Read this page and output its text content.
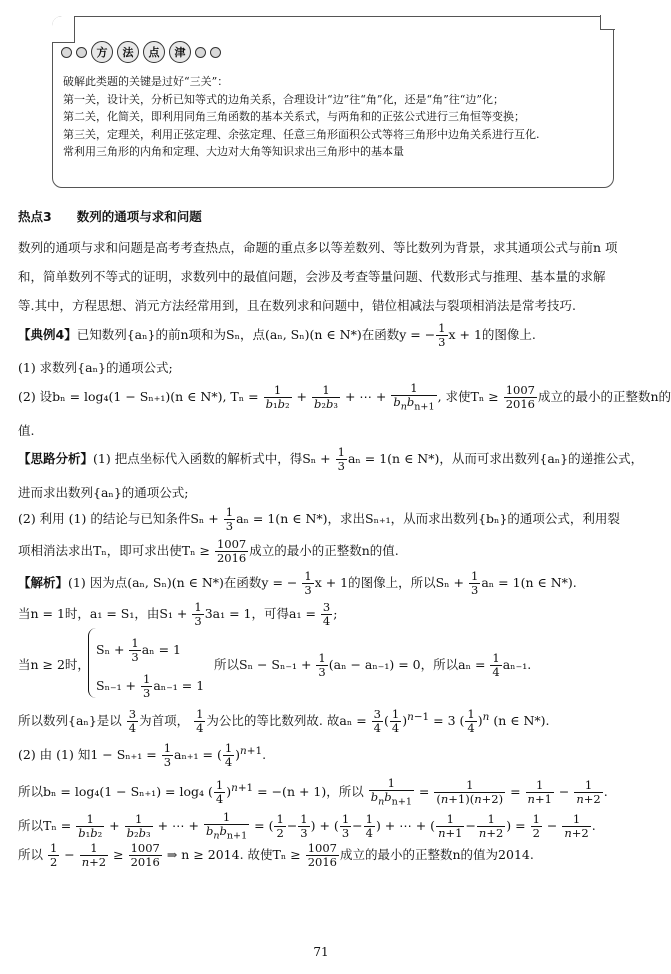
方	法	点	津

破解此类题的关键是过好“三关”：

第一关，设计关，分析已知等式的边角关系，合理设计“边”往“角”化，还是“角”往“边”化；

第二关，化简关，即利用同角三角函数的基本关系式，与两角和的正弦公式进行三角恒等变换；

第三关，定理关，利用正弦定理、余弦定理、任意三角形面积公式等将三角形中边角关系进行互化.

常利用三角形的内角和定理、大边对大角等知识求出三角形中的基本量

热点3　　数列的通项与求和问题
数列的通项与求和问题是高考考查热点，命题的重点多以等差数列、等比数列为背景，求其通项公式与前n 项
和，简单数列不等式的证明，求数列中的最值问题，会涉及考查等量问题、代数形式与推理、基本量的求解
等.其中，方程思想、消元方法经常用到，且在数列求和问题中，错位相减法与裂项相消法是常考技巧.
【典例4】已知数列{aₙ}的前n项和为Sₙ，点(aₙ, Sₙ)(n ∈ N*)在函数y = − $\frac{1}{3}$ x + 1的图像上.
(1) 求数列{aₙ}的通项公式;
(2) 设bₙ = log₄(1 − Sₙ₊₁)(n ∈ N*), $T_n = \frac{1}{\text{b₁b₂}} + \frac{1}{\text{b₂b₃}}$ + ⋯ +
1
$b_nb_{n+1}$
, 求使$T_n \ge \frac{1007}{2016}$ 成立的最小的正整数n的
值.
【思路分析】(1) 把点坐标代入函数的解析式中，得$S_n + \frac{1}{3}$ aₙ = 1(n ∈ N*)，从而可求出数列{aₙ}的递推公式，
进而求出数列{aₙ}的通项公式;
(2) 利用 (1) 的结论与已知条件$S_n + \frac{1}{3}$ aₙ = 1(n ∈ N*)，求出Sₙ₊₁，从而求出数列{bₙ}的通项公式，利用裂
项相消法求出Tₙ，即可求出使$T_n \ge \frac{1007}{2016}$ 成立的最小的正整数n的值.
【解析】(1) 因为点(aₙ, Sₙ)(n ∈ N*)在函数y = − $\frac{1}{3}$ x + 1的图像上，所以$S_n + \frac{1}{3}$ aₙ = 1(n ∈ N*).
当n = 1时，a₁ = S₁，由$S_1 + \frac{1}{3} 3a_1 = 1$，可得$a_1 = \frac{3}{4}$ ;
当n ≥ 2时，
$S_n + \frac{1}{3}$ aₙ = 1
$S_{n-1} + \frac{1}{3} a_{n-1} = 1$
所以$S_n - S_{n-1} + \frac{1}{3} (a_n - a_{n-1}) = 0$，所以$a_n = \frac{1}{4} a_{n-1}$.
所以数列{aₙ}是以 $\frac{3}{4}$ 为首项， $\frac{1}{4}$ 为公比的等比数列故. 故$a_n = \frac{3}{4}$ ( $\frac{1}{4} )^{n-1} = 3$ ( $\frac{1}{4} )^n$ (n ∈ N*).
(2) 由 (1) 知$1 - S_{n+1} = \frac{1}{3} a_{n+1}$ = ( $\frac{1}{4} )^{n+1}$.
所以bₙ = log₄(1 − Sₙ₊₁) = log₄ ( $\frac{1}{4} )^{n+1} = -(n + 1)$，所以
1
$b_nb_{n+1}$
= $\frac{1}{(n+1)(n+2)} = \frac{1}{n+1} - \frac{1}{n+2}$ .
所以$T_n = \frac{1}{\text{b₁b₂}} + \frac{1}{\text{b₂b₃}}$ + ⋯ +
1
$b_nb_{n+1}$
= ( $\frac{1}{2} - \frac{1}{3}$ ) + ( $\frac{1}{3} - \frac{1}{4}$ ) + ⋯ + ( $\frac{1}{n+1} - \frac{1}{n+2}$ ) = $\frac{1}{2} - \frac{1}{n+2}$ .
所以 $\frac{1}{2} - \frac{1}{n+2} \ge \frac{1007}{2016}$ ⇒ n ≥ 2014. 故使$T_n \ge \frac{1007}{2016}$ 成立的最小的正整数n的值为2014.
71
